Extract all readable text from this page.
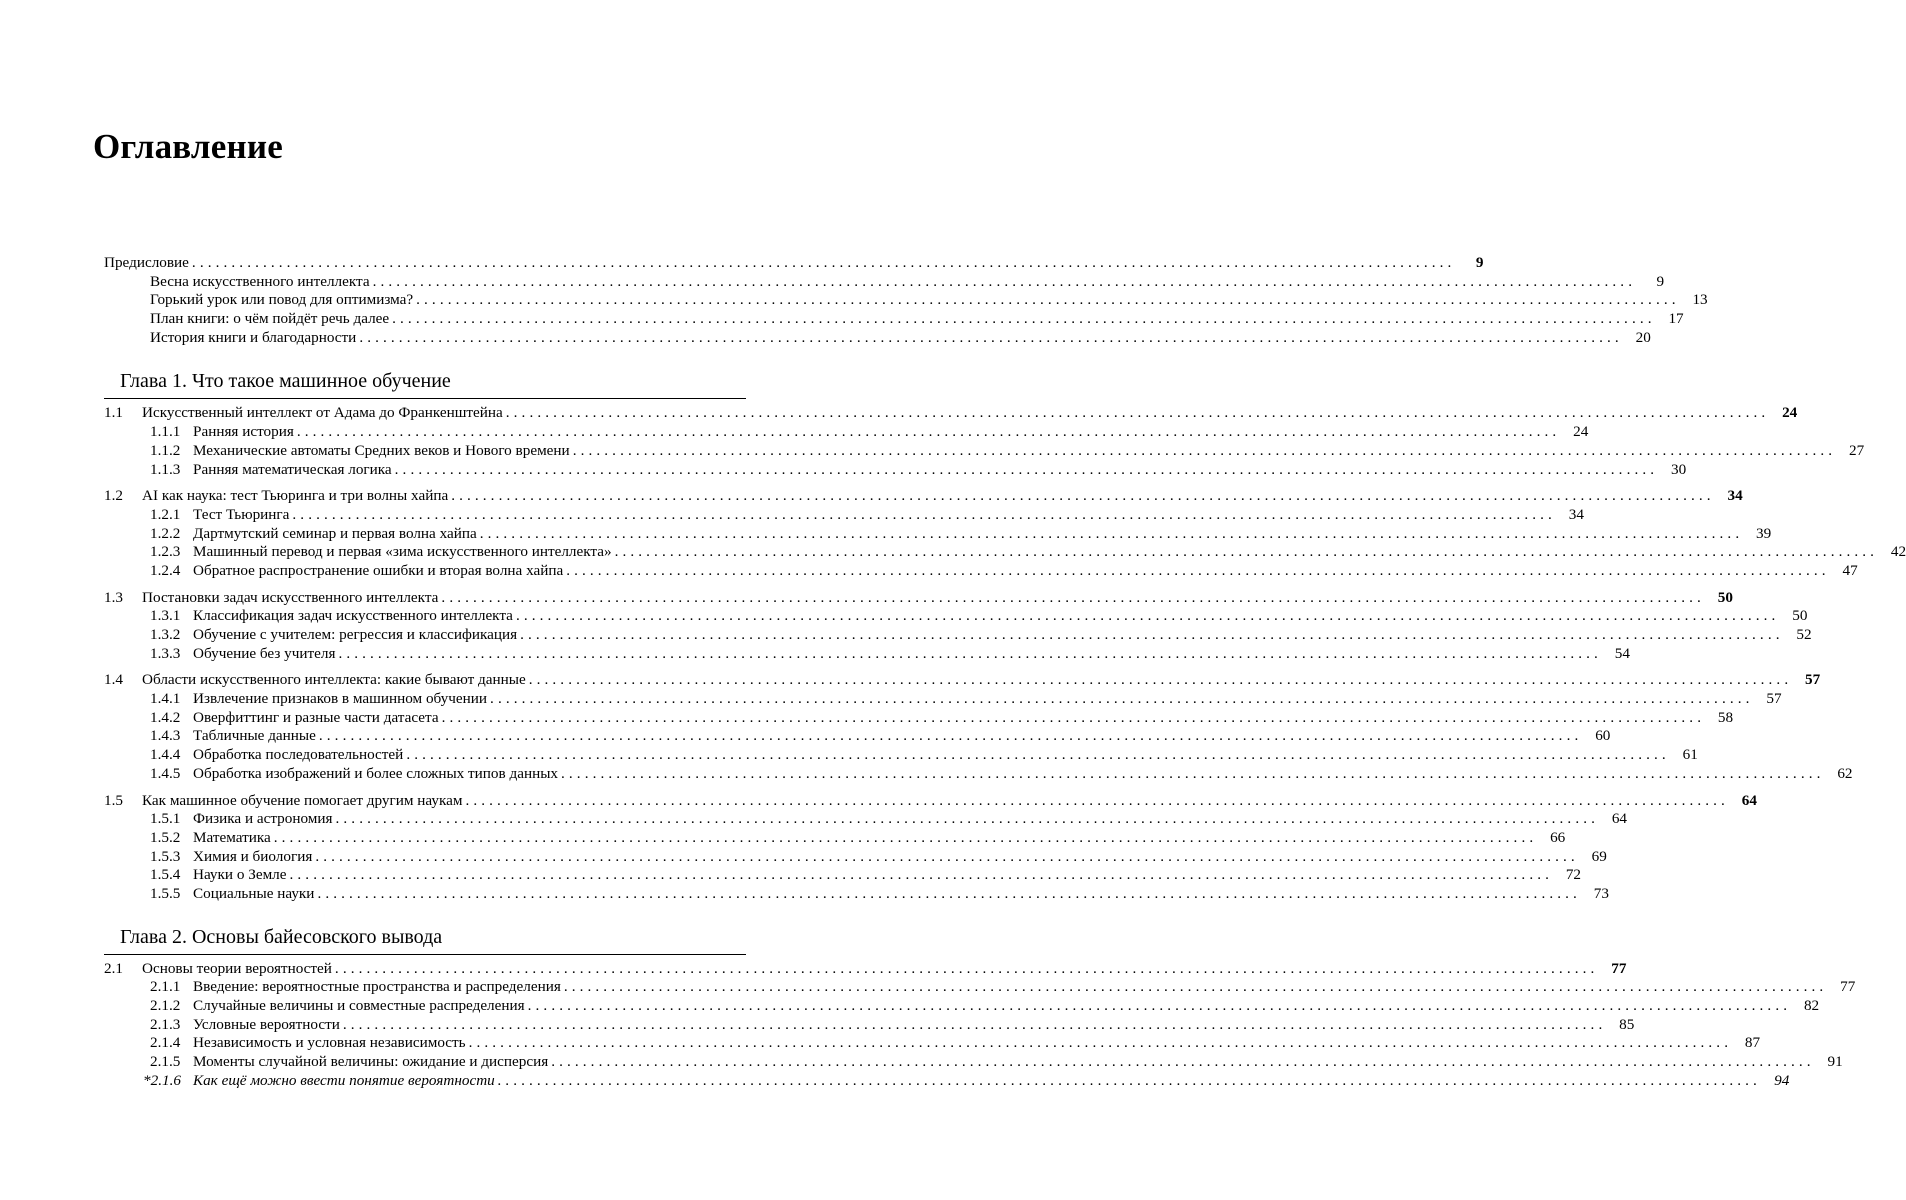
Оглавление
Предисловие ................................................................................................................................................................	9
Весна искусственного интеллекта ................................................................................................................................................................	9
Горький урок или повод для оптимизма? ................................................................................................................................................................ 13
План книги: о чём пойдёт речь далее ................................................................................................................................................................ 17
История книги и благодарности ................................................................................................................................................................ 20
Глава 1. Что такое машинное обучение
1.1 Искусственный интеллект от Адама до Франкенштейна ................................................................................................................................................................ 24
1.1.1 Ранняя история ................................................................................................................................................................ 24
1.1.2 Механические автоматы Средних веков и Нового времени ................................................................................................................................................................ 27
1.1.3 Ранняя математическая логика ................................................................................................................................................................ 30
1.2 AI как наука: тест Тьюринга и три волны хайпа ................................................................................................................................................................ 34
1.2.1 Тест Тьюринга ................................................................................................................................................................ 34
1.2.2 Дартмутский семинар и первая волна хайпа ................................................................................................................................................................ 39
1.2.3 Машинный перевод и первая «зима искусственного интеллекта» ................................................................................................................................................................ 42
1.2.4 Обратное распространение ошибки и вторая волна хайпа ................................................................................................................................................................ 47
1.3 Постановки задач искусственного интеллекта ................................................................................................................................................................ 50
1.3.1 Классификация задач искусственного интеллекта ................................................................................................................................................................ 50
1.3.2 Обучение с учителем: регрессия и классификация ................................................................................................................................................................ 52
1.3.3 Обучение без учителя ................................................................................................................................................................ 54
1.4 Области искусственного интеллекта: какие бывают данные ................................................................................................................................................................ 57
1.4.1 Извлечение признаков в машинном обучении ................................................................................................................................................................ 57
1.4.2 Оверфиттинг и разные части датасета ................................................................................................................................................................ 58
1.4.3 Табличные данные ................................................................................................................................................................ 60
1.4.4 Обработка последовательностей ................................................................................................................................................................ 61
1.4.5 Обработка изображений и более сложных типов данных ................................................................................................................................................................ 62
1.5 Как машинное обучение помогает другим наукам ................................................................................................................................................................ 64
1.5.1 Физика и астрономия ................................................................................................................................................................ 64
1.5.2 Математика ................................................................................................................................................................ 66
1.5.3 Химия и биология ................................................................................................................................................................ 69
1.5.4 Науки о Земле ................................................................................................................................................................ 72
1.5.5 Социальные науки ................................................................................................................................................................ 73
Глава 2. Основы байесовского вывода
2.1 Основы теории вероятностей ................................................................................................................................................................ 77
2.1.1 Введение: вероятностные пространства и распределения ................................................................................................................................................................ 77
2.1.2 Случайные величины и совместные распределения ................................................................................................................................................................ 82
2.1.3 Условные вероятности ................................................................................................................................................................ 85
2.1.4 Независимость и условная независимость ................................................................................................................................................................ 87
2.1.5 Моменты случайной величины: ожидание и дисперсия ................................................................................................................................................................ 91
*2.1.6 Как ещё можно ввести понятие вероятности ................................................................................................................................................................ 94
